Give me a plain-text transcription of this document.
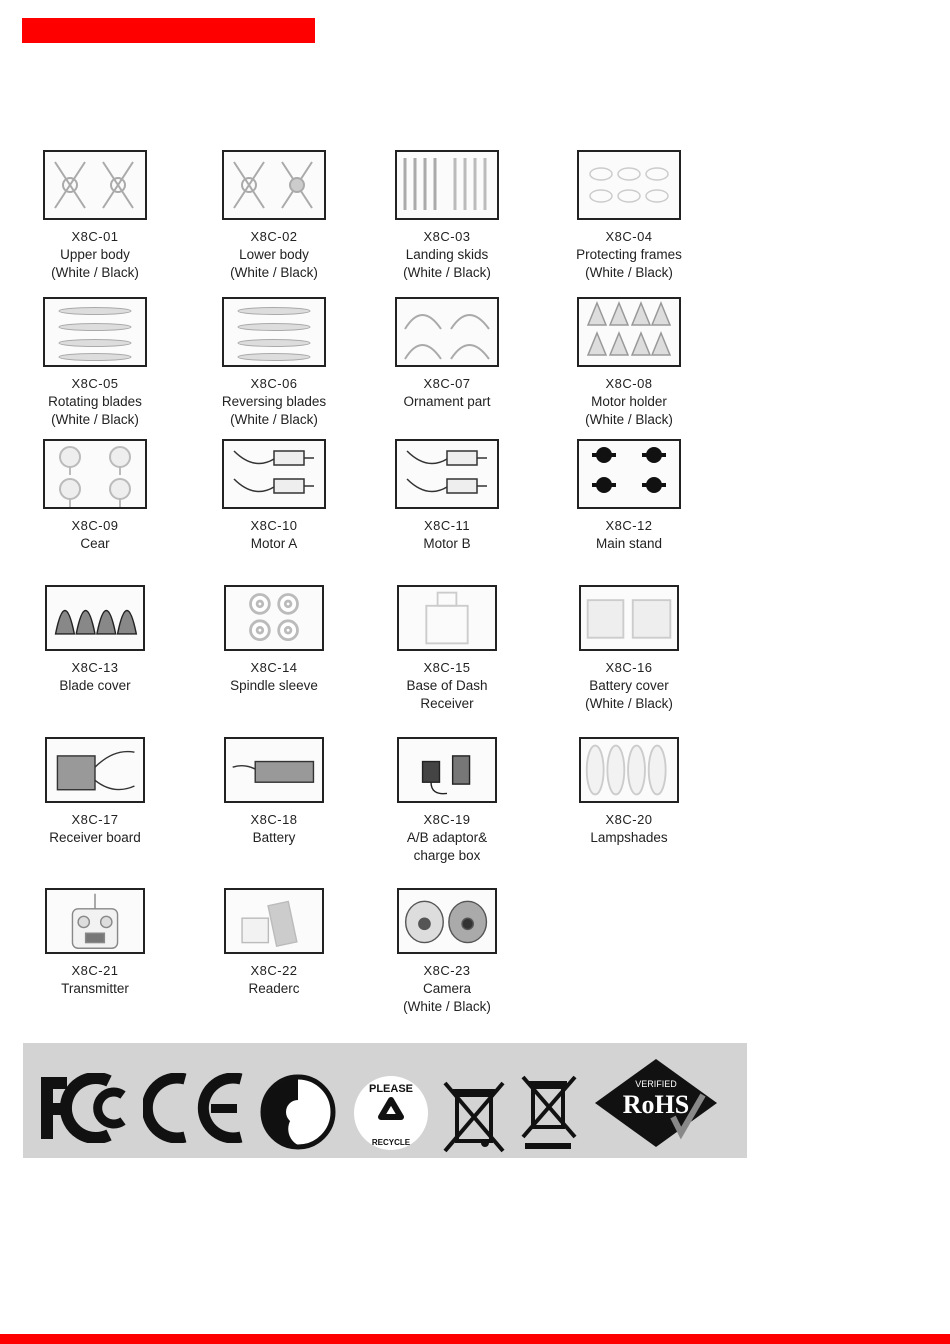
X8C-01
Upper body
(White / Black)
X8C-02
Lower body
(White / Black)
X8C-03
Landing skids
(White / Black)
X8C-04
Protecting frames
(White / Black)
X8C-05
Rotating blades
(White / Black)
X8C-06
Reversing blades
(White / Black)
X8C-07
Ornament part
X8C-08
Motor holder
(White / Black)
X8C-09
Cear
X8C-10
Motor A
X8C-11
Motor B
X8C-12
Main stand
X8C-13
Blade cover
X8C-14
Spindle sleeve
X8C-15
Base of Dash
Receiver
X8C-16
Battery cover
(White / Black)
X8C-17
Receiver board
X8C-18
Battery
X8C-19
A/B adaptor&
charge box
X8C-20
Lampshades
X8C-21
Transmitter
X8C-22
Readerc
X8C-23
Camera
(White / Black)
PLEASE
RECYCLE
VERIFIED
RoHS
